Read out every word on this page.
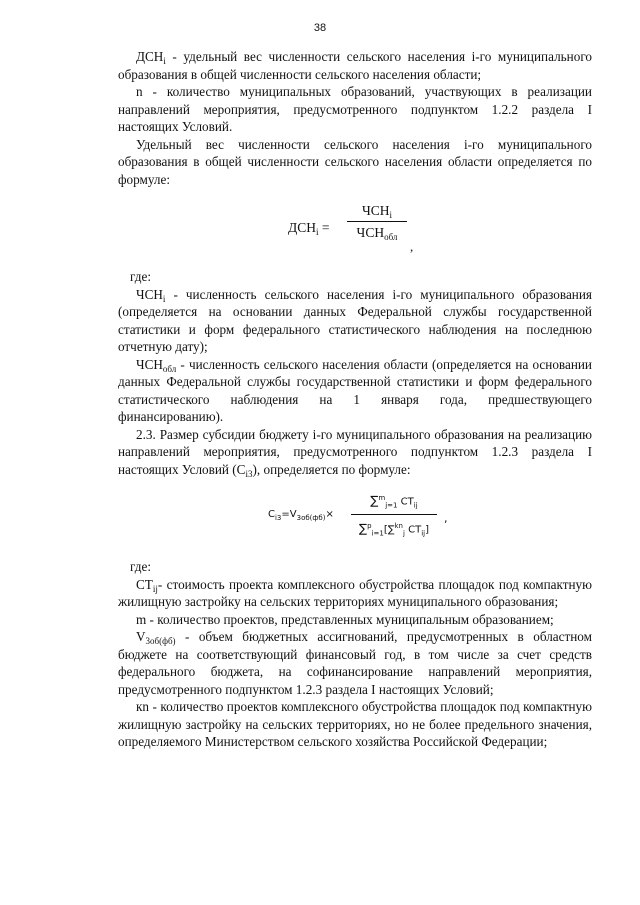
38

$ДСН_i$ - удельный вес численности сельского населения i-го муниципального образования в общей численности сельского населения области;

n - количество муниципальных образований, участвующих в реализации направлений мероприятия, предусмотренного подпунктом 1.2.2 раздела I настоящих Условий.

Удельный вес численности сельского населения i-го муниципального образования в общей численности сельского населения области определяется по формуле:

$ДСН_i$ =
$ЧСН_i$
$ЧСН_{обл}$
,

где:

$ЧСН_i$ - численность сельского населения i-го муниципального образования (определяется на основании данных Федеральной службы государственной статистики и форм федерального статистического наблюдения на последнюю отчетную дату);

$ЧСН_{обл}$ - численность сельского населения области (определяется на основании данных Федеральной службы государственной статистики и форм федерального статистического наблюдения на 1 января года, предшествующего финансированию).

2.3. Размер субсидии бюджету i-го муниципального образования на реализацию направлений мероприятия, предусмотренного подпунктом 1.2.3 раздела I настоящих Условий $(С_{i3})$, определяется по формуле:

$С_{i3}=V_{3об(фб)}\times$
∑$^m_{j=1}$ $СТ_{ij}$
∑$^p_{i=1}$[∑$^{kn}_j$ $СТ_{ij}$]
,

где:

$СТ_{ij}-$ стоимость проекта комплексного обустройства площадок под компактную жилищную застройку на сельских территориях муниципального образования;

m - количество проектов, представленных муниципальным образованием;

$V_{3об(фб)}$ - объем бюджетных ассигнований, предусмотренных в областном бюджете на соответствующий финансовый год, в том числе за счет средств федерального бюджета, на софинансирование направлений мероприятия, предусмотренного подпунктом 1.2.3 раздела I настоящих Условий;

кn - количество проектов комплексного обустройства площадок под компактную жилищную застройку на сельских территориях, но не более предельного значения, определяемого Министерством сельского хозяйства Российской Федерации;
